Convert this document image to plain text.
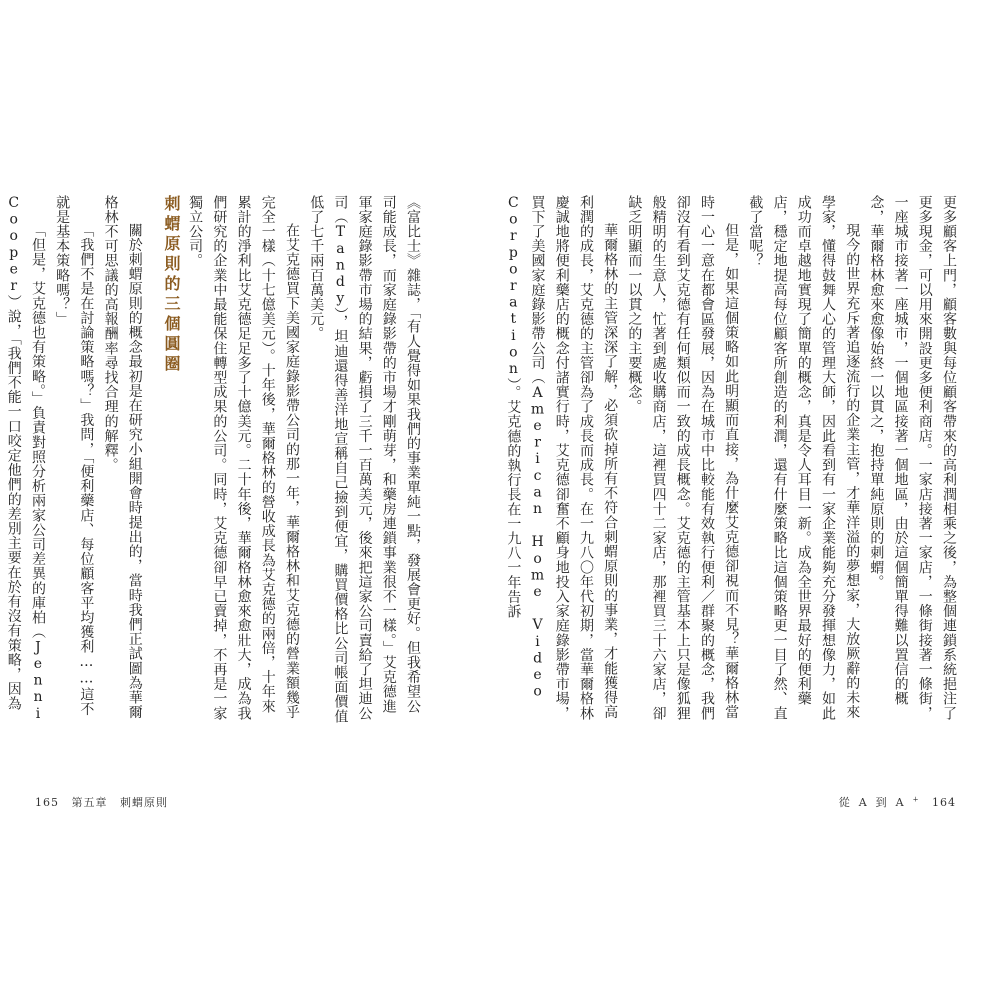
《富比士》雜誌，「有人覺得如果我們的事業單純一點，發展會更好。但我希望公司能成長，而家庭錄影帶的市場才剛萌芽，和藥房連鎖事業很不一樣。」艾克德進軍家庭錄影帶市場的結果，虧損了三千一百萬美元，後來把這家公司賣給了坦迪公司（Tandy），坦迪還得善洋地宣稱自己撿到便宜，購買價格比公司帳面價值低了七千兩百萬美元。

在艾克德買下美國家庭錄影帶公司的那一年，華爾格林和艾克德的營業額幾乎完全一樣（十七億美元）。十年後，華爾格林的營收成長為艾克德的兩倍，十年來累計的淨利比艾克德足足多了十億美元。二十年後，華爾格林愈來愈壯大，成為我們研究的企業中最能保住轉型成果的公司。同時，艾克德卻早已賣掉，不再是一家獨立公司。

刺蝟原則的三個圓圈

關於刺蝟原則的概念最初是在研究小組開會時提出的，當時我們正試圖為華爾格林不可思議的高報酬率尋找合理的解釋。

「我們不是在討論策略嗎？」我問，「便利藥店、每位顧客平均獲利……這不就是基本策略嗎？」

「但是，艾克德也有策略。」負責對照分析兩家公司差異的庫柏（Jenni Cooper）說，「我們不能一口咬定他們的差別主要在於有沒有策略，因為

165 第五章 刺蝟原則

更多顧客上門，顧客數與每位顧客帶來的高利潤相乘之後，為整個連鎖系統挹注了更多現金，可以用來開設更多便利商店。一家店接著一家店，一條街接著一條街，一座城市接著一座城市，一個地區接著一個地區，由於這個簡單得難以置信的概念，華爾格林愈來愈像始終一以貫之，抱持單純原則的刺蝟。

現今的世界充斥著追逐流行的企業主管，才華洋溢的夢想家，大放厥辭的未來學家，懂得鼓舞人心的管理大師，因此看到有一家企業能夠充分發揮想像力，如此成功而卓越地實現了簡單的概念，真是令人耳目一新。成為全世界最好的便利藥店，穩定地提高每位顧客所創造的利潤，還有什麼策略比這個策略更一目了然、直截了當呢？

但是，如果這個策略如此明顯而直接，為什麼艾克德卻視而不見？華爾格林當時一心一意在都會區發展，因為在城市中比較能有效執行便利／群聚的概念，我們卻沒有看到艾克德有任何類似而一致的成長概念。艾克德的主管基本上只是像狐狸般精明的生意人，忙著到處收購商店，這裡買四十二家店，那裡買三十六家店，卻缺乏明顯而一以貫之的主要概念。

華爾格林的主管深深了解，必須砍掉所有不符合刺蝟原則的事業，才能獲得高利潤的成長，艾克德的主管卻為了成長而成長。在一九八〇年代初期，當華爾格林慶誠地將便利藥店的概念付諸實行時，艾克德卻奮不顧身地投入家庭錄影帶市場，買下了美國家庭錄影帶公司（American Home Video Corporation）。艾克德的執行長在一九八一年告訴

從 A 到 A + 164
